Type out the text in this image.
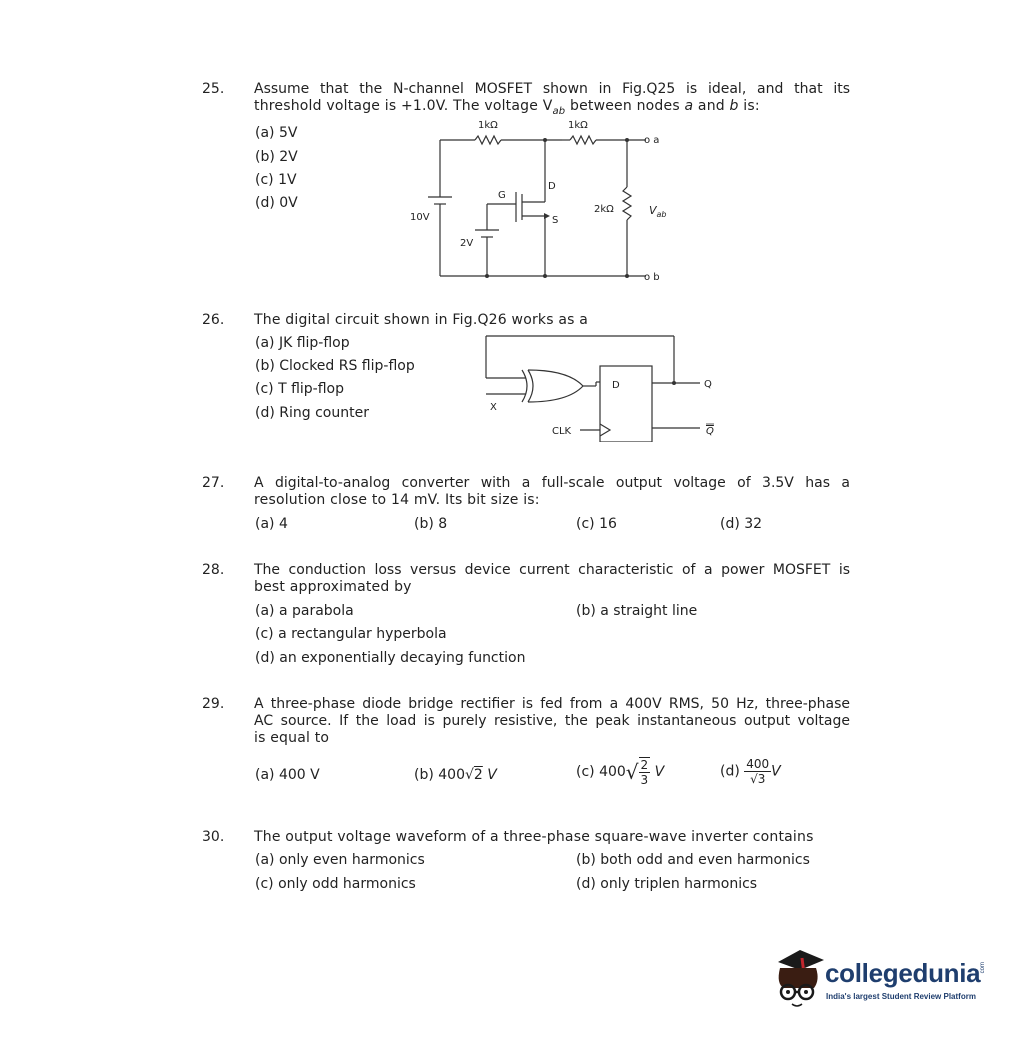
25. Assume that the N-channel MOSFET shown in Fig.Q25 is ideal, and that its
threshold voltage is +1.0V. The voltage $V_{ab}$ between nodes a and b is:
(a) 5V
(b) 2V
(c) 1V
(d) 0V
1kΩ	1kΩ
2kΩ
10V
2V
G
D
S
o a
o b
$V_{ab}$
26. The digital circuit shown in Fig.Q26 works as a
(a) JK flip-flop
(b) Clocked RS flip-flop
(c) T flip-flop
(d) Ring counter	X
CLK
D	Q
Q
27. A digital-to-analog converter with a full-scale output voltage of 3.5V has a
resolution close to 14 mV. Its bit size is:
(a) 4	(b) 8	(c) 16	(d) 32
28. The conduction loss versus device current characteristic of a power MOSFET is
best approximated by
(a) a parabola	(b) a straight line
(c) a rectangular hyperbola
(d) an exponentially decaying function
29. A three-phase diode bridge rectifier is fed from a 400V RMS, 50 Hz, three-phase
AC source. If the load is purely resistive, the peak instantaneous output voltage
is equal to
(a) 400 V	(b) 400√2 V	(c) $400√ \frac{2}{3}$ V	$(d) \frac{400}{√3}$ V
30. The output voltage waveform of a three-phase square-wave inverter contains
(a) only even harmonics	(b) both odd and even harmonics
(c) only odd harmonics	(d) only triplen harmonics
collegedunia com
India's largest Student Review Platform
